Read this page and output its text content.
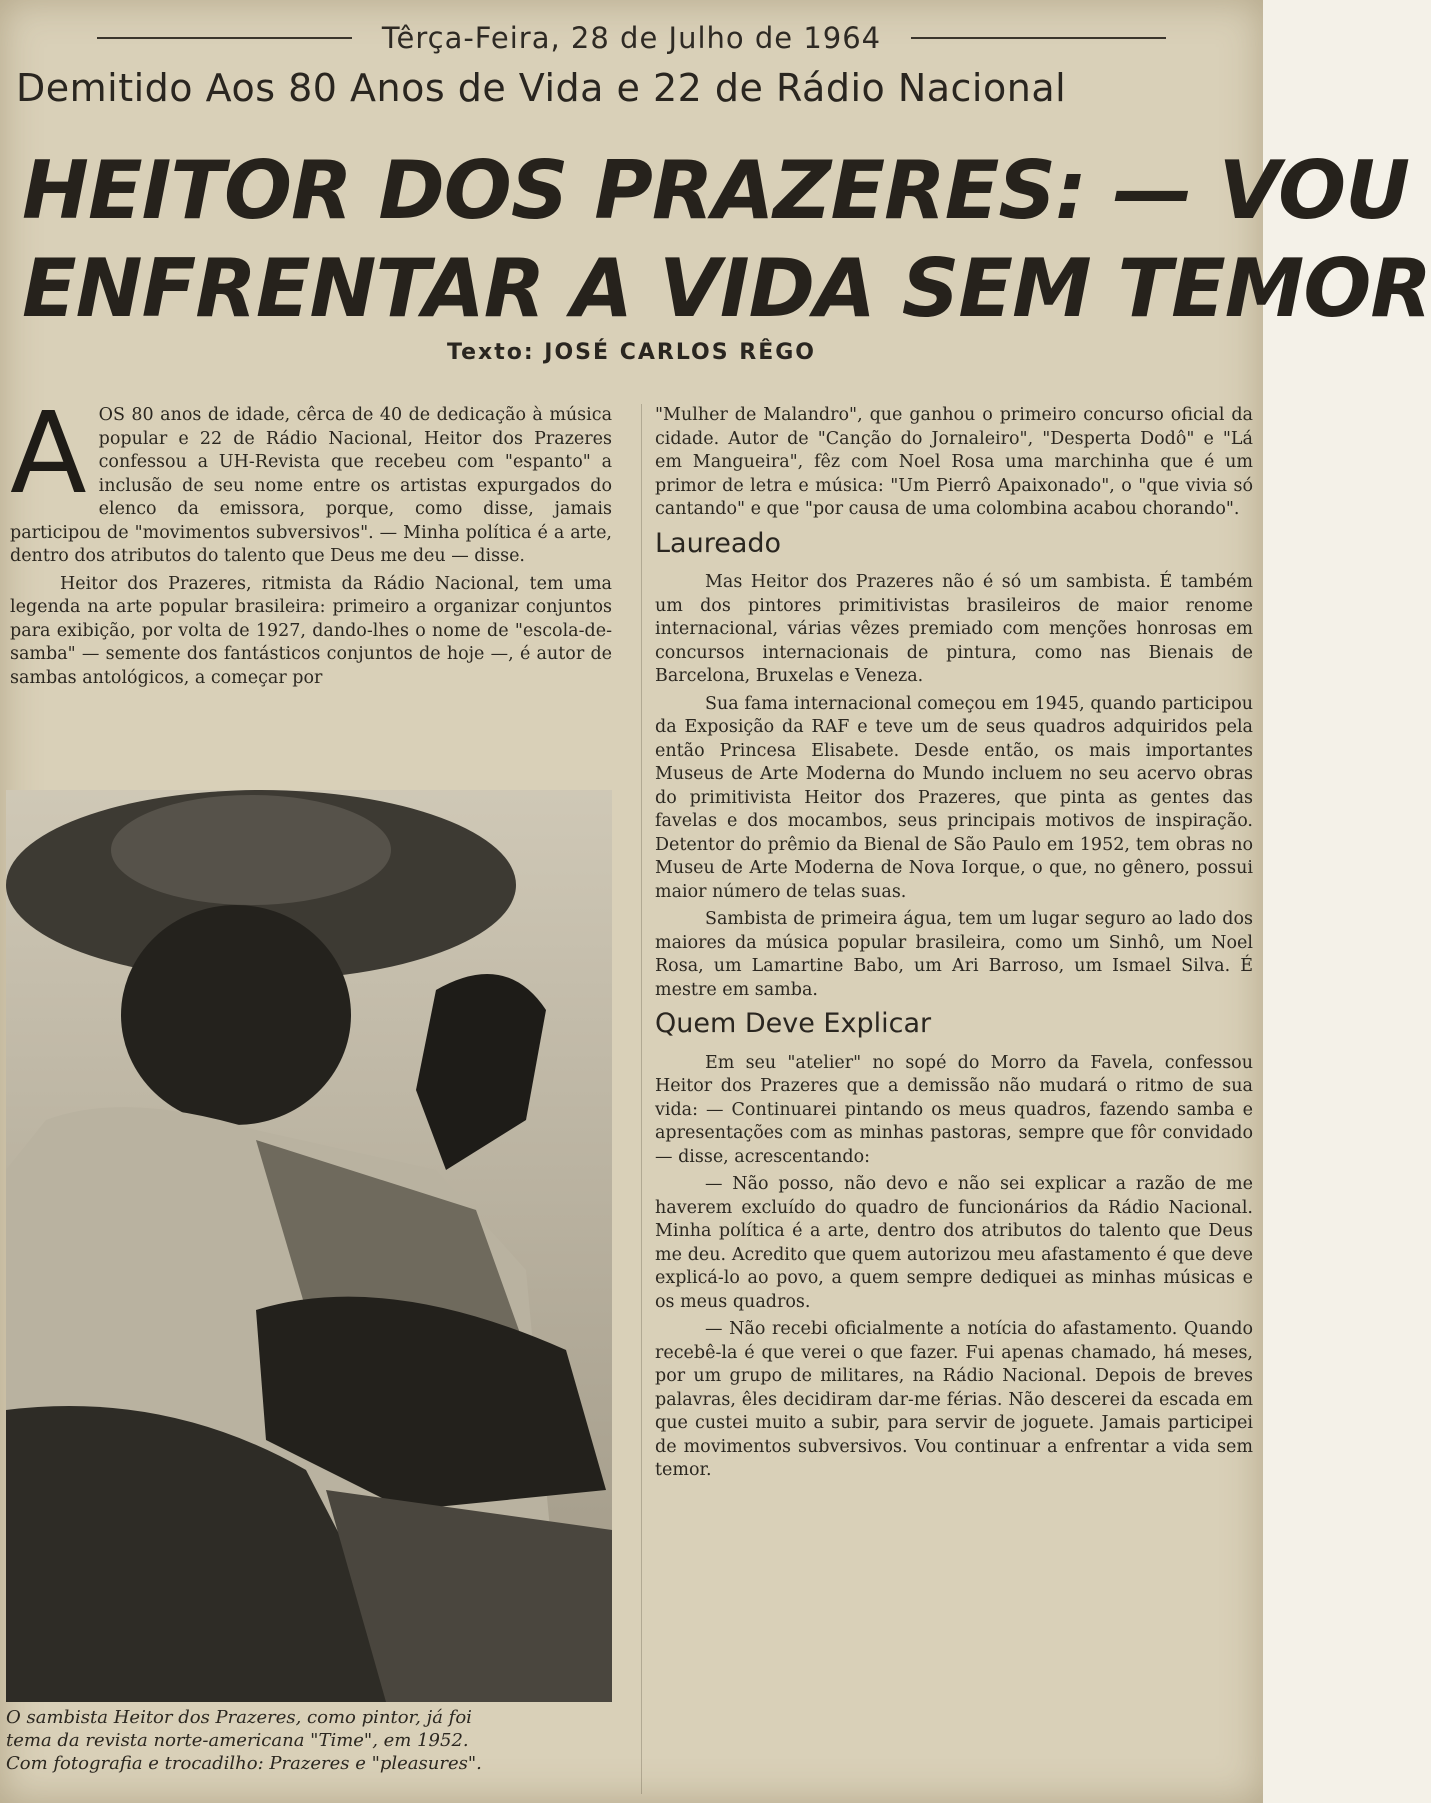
Têrça-Feira, 28 de Julho de 1964
Demitido Aos 80 Anos de Vida e 22 de Rádio Nacional
HEITOR DOS PRAZERES: — VOU
ENFRENTAR A VIDA SEM TEMOR
Texto: JOSÉ CARLOS RÊGO
A OS 80 anos de idade, cêrca de 40 de dedicação à música popular e 22 de Rádio Nacional, Heitor dos Prazeres confessou a UH-Revista que recebeu com "espanto" a inclusão de seu nome entre os artistas expurgados do elenco da emissora, porque, como disse, jamais participou de "movimentos subversivos". — Minha política é a arte, dentro dos atributos do talento que Deus me deu — disse.

Heitor dos Prazeres, ritmista da Rádio Nacional, tem uma legenda na arte popular brasileira: primeiro a organizar conjuntos para exibição, por volta de 1927, dando-lhes o nome de "escola-de-samba" — semente dos fantásticos conjuntos de hoje —, é autor de sambas antológicos, a começar por

O sambista Heitor dos Prazeres, como pintor, já foi
tema da revista norte-americana "Time", em 1952.
Com fotografia e trocadilho: Prazeres e "pleasures".

"Mulher de Malandro", que ganhou o primeiro concurso oficial da cidade. Autor de "Canção do Jornaleiro", "Desperta Dodô" e "Lá em Mangueira", fêz com Noel Rosa uma marchinha que é um primor de letra e música: "Um Pierrô Apaixonado", o "que vivia só cantando" e que "por causa de uma colombina acabou chorando".

Laureado

Mas Heitor dos Prazeres não é só um sambista. É também um dos pintores primitivistas brasileiros de maior renome internacional, várias vêzes premiado com menções honrosas em concursos internacionais de pintura, como nas Bienais de Barcelona, Bruxelas e Veneza.

Sua fama internacional começou em 1945, quando participou da Exposição da RAF e teve um de seus quadros adquiridos pela então Princesa Elisabete. Desde então, os mais importantes Museus de Arte Moderna do Mundo incluem no seu acervo obras do primitivista Heitor dos Prazeres, que pinta as gentes das favelas e dos mocambos, seus principais motivos de inspiração. Detentor do prêmio da Bienal de São Paulo em 1952, tem obras no Museu de Arte Moderna de Nova Iorque, o que, no gênero, possui maior número de telas suas.

Sambista de primeira água, tem um lugar seguro ao lado dos maiores da música popular brasileira, como um Sinhô, um Noel Rosa, um Lamartine Babo, um Ari Barroso, um Ismael Silva. É mestre em samba.

Quem Deve Explicar

Em seu "atelier" no sopé do Morro da Favela, confessou Heitor dos Prazeres que a demissão não mudará o ritmo de sua vida: — Continuarei pintando os meus quadros, fazendo samba e apresentações com as minhas pastoras, sempre que fôr convidado — disse, acrescentando:

— Não posso, não devo e não sei explicar a razão de me haverem excluído do quadro de funcionários da Rádio Nacional. Minha política é a arte, dentro dos atributos do talento que Deus me deu. Acredito que quem autorizou meu afastamento é que deve explicá-lo ao povo, a quem sempre dediquei as minhas músicas e os meus quadros.

— Não recebi oficialmente a notícia do afastamento. Quando recebê-la é que verei o que fazer. Fui apenas chamado, há meses, por um grupo de militares, na Rádio Nacional. Depois de breves palavras, êles decidiram dar-me férias. Não descerei da escada em que custei muito a subir, para servir de joguete. Jamais participei de movimentos subversivos. Vou continuar a enfrentar a vida sem temor.
